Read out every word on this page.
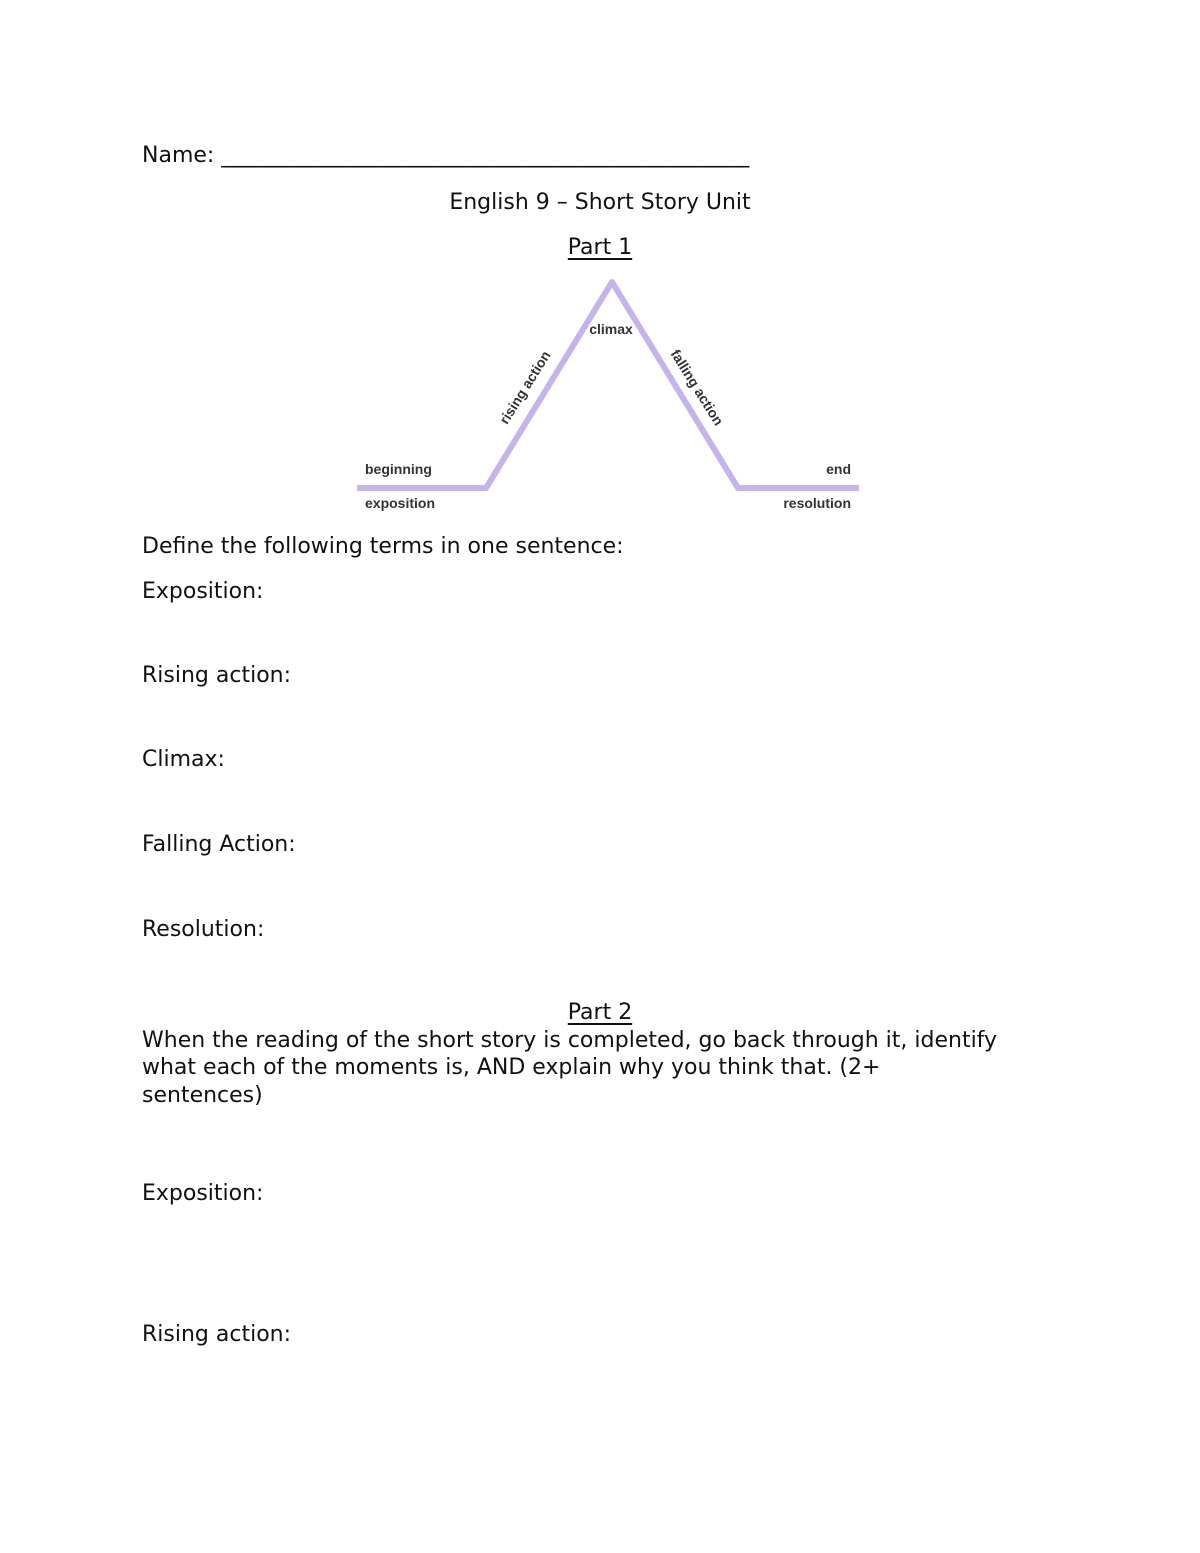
Name: ________________________________________________
English 9 – Short Story Unit
Part 1
beginning
exposition
rising action
climax
falling action
end
resolution
Define the following terms in one sentence:
Exposition:
Rising action:
Climax:
Falling Action:
Resolution:
Part 2
When the reading of the short story is completed, go back through it, identify
what each of the moments is, AND explain why you think that. (2+
sentences)
Exposition:
Rising action:
